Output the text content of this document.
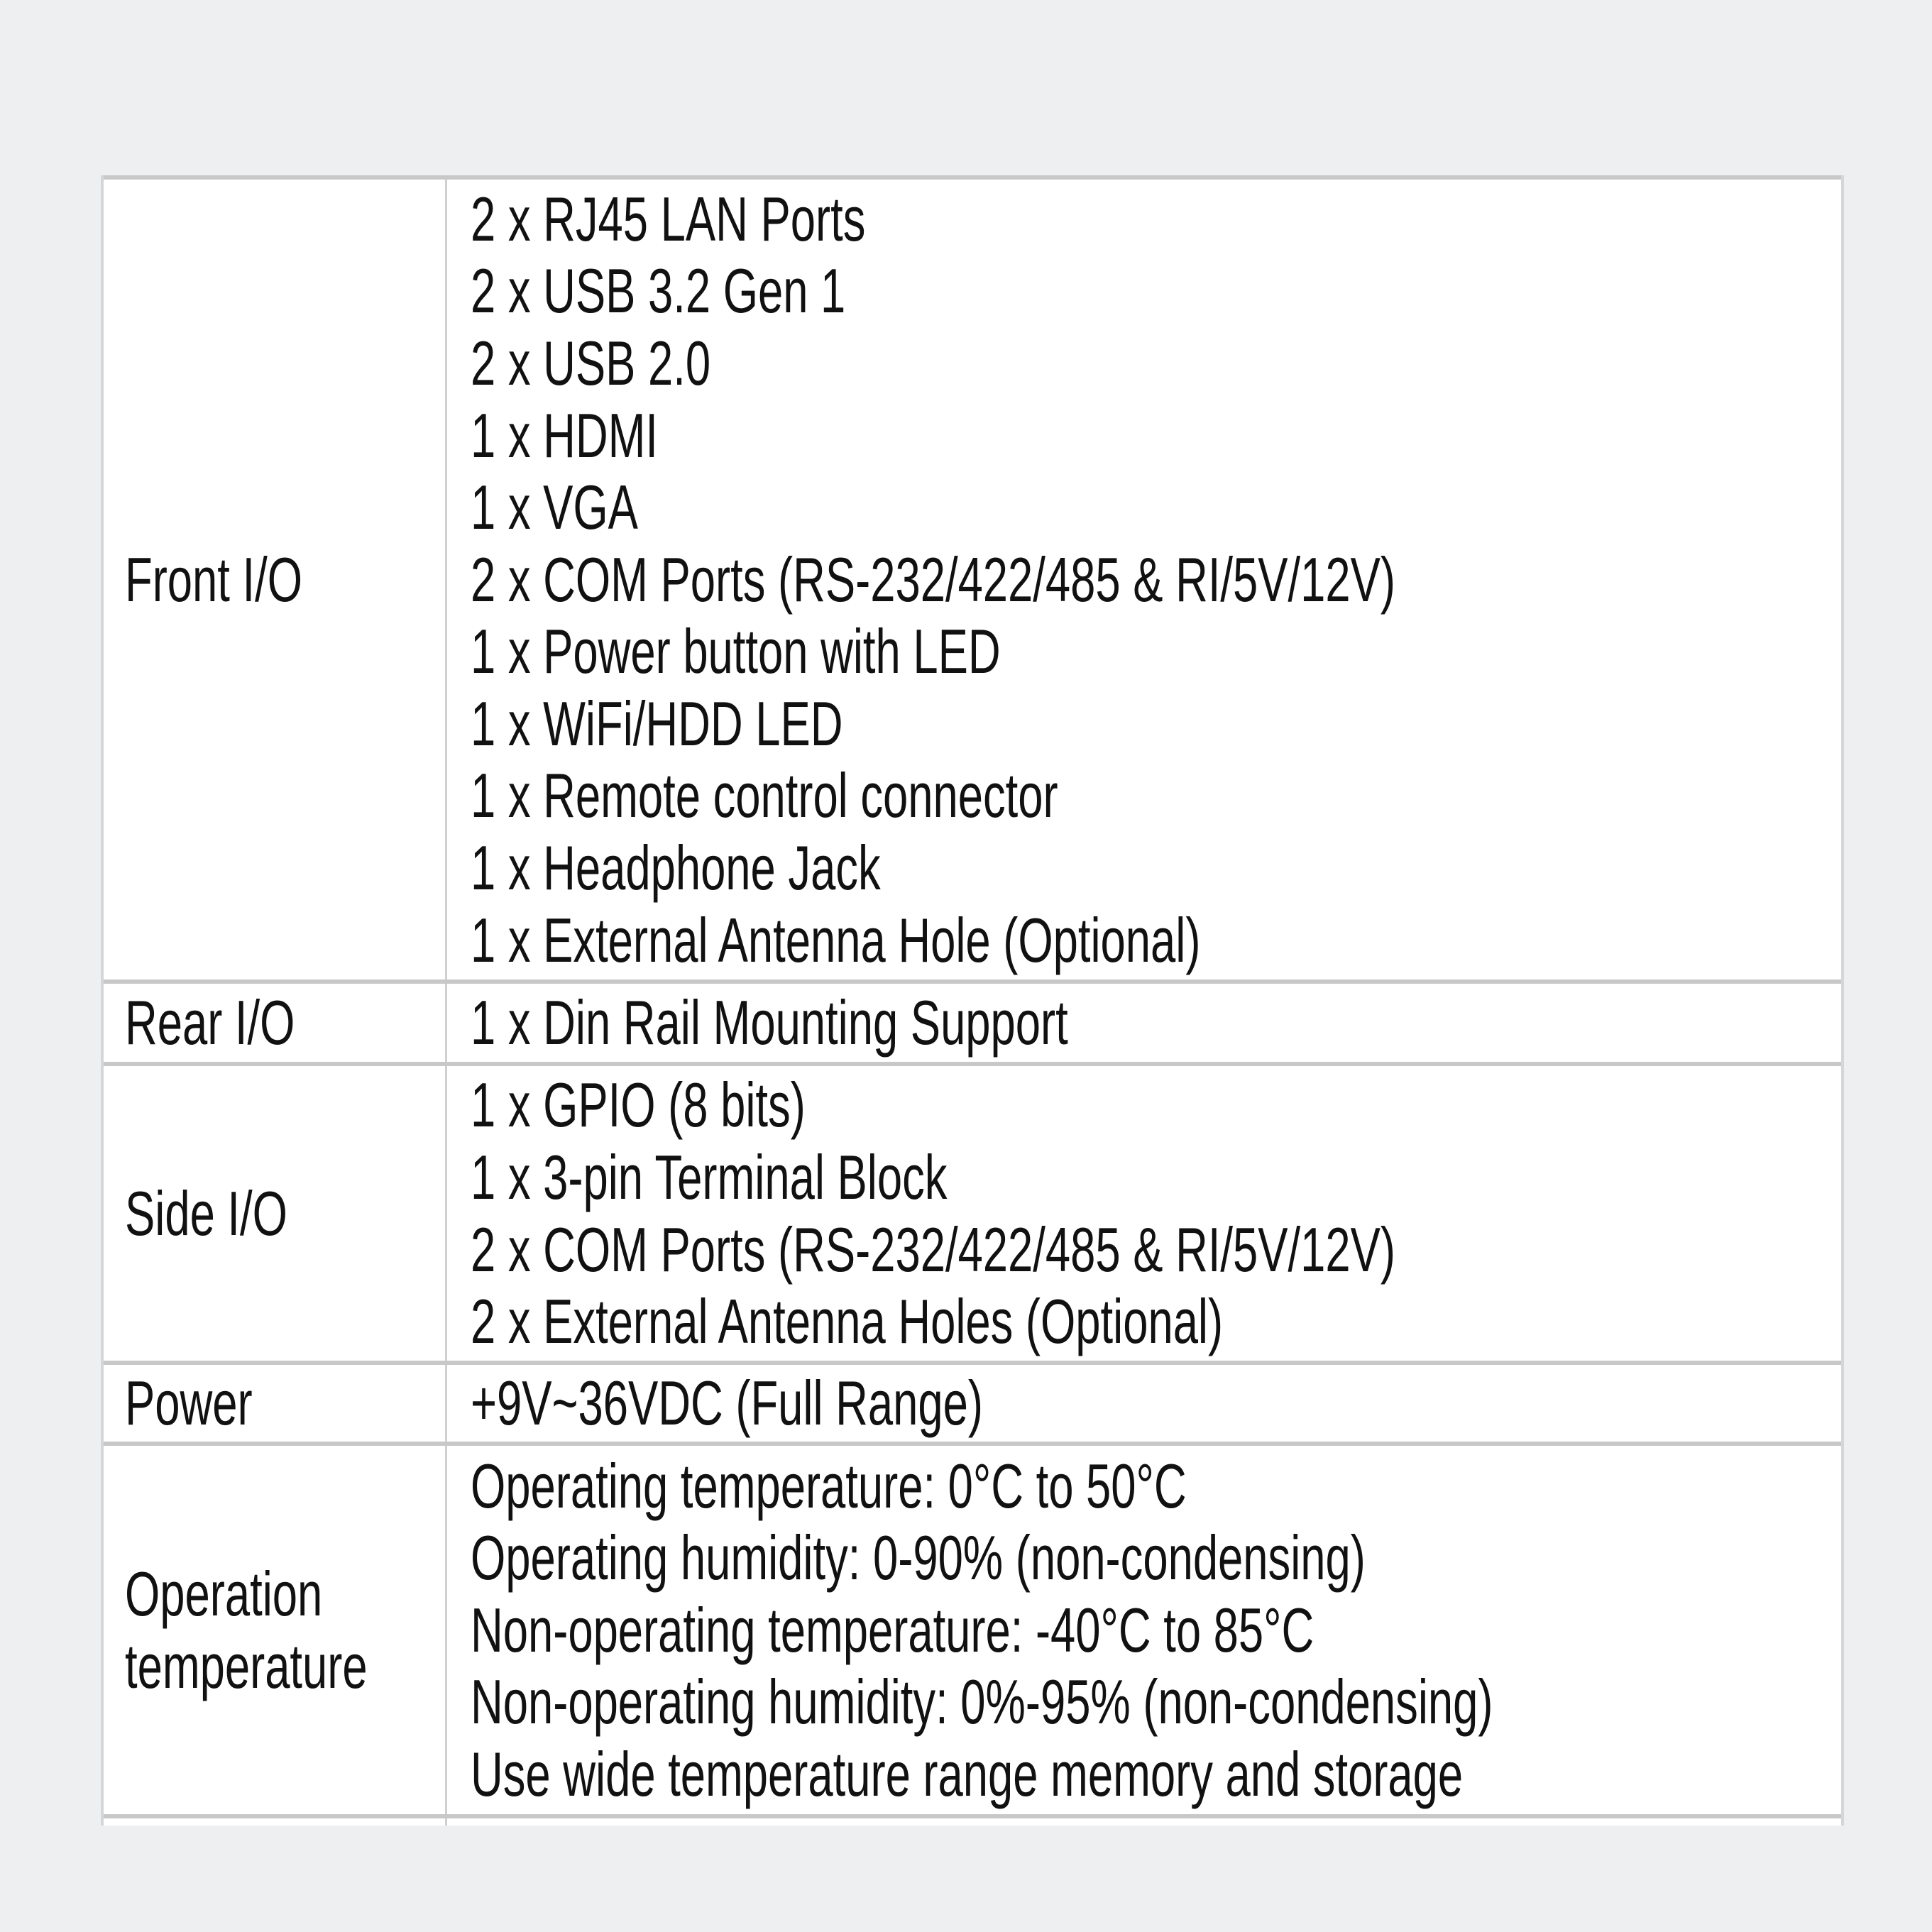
Front I/O
2 x RJ45 LAN Ports
2 x USB 3.2 Gen 1
2 x USB 2.0
1 x HDMI
1 x VGA
2 x COM Ports (RS-232/422/485 & RI/5V/12V)
1 x Power button with LED
1 x WiFi/HDD LED
1 x Remote control connector
1 x Headphone Jack
1 x External Antenna Hole (Optional)
Rear I/O	1 x Din Rail Mounting Support
Side I/O
1 x GPIO (8 bits)
1 x 3-pin Terminal Block
2 x COM Ports (RS-232/422/485 & RI/5V/12V)
2 x External Antenna Holes (Optional)
Power	+9V~36VDC (Full Range)
Operation
temperature
Operating temperature: 0°C to 50°C
Operating humidity: 0-90% (non-condensing)
Non-operating temperature: -40°C to 85°C
Non-operating humidity: 0%-95% (non-condensing)
Use wide temperature range memory and storage
